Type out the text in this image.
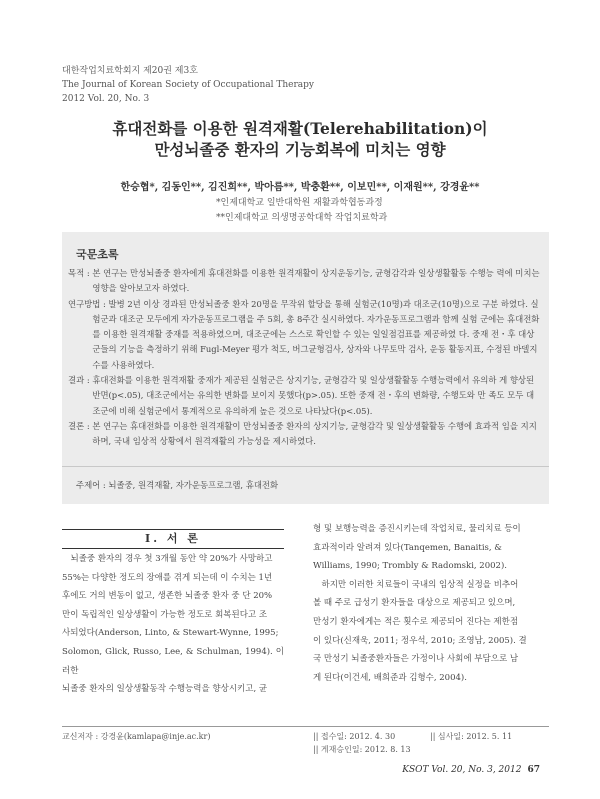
대한작업치료학회지 제20권 제3호
The Journal of Korean Society of Occupational Therapy
2012 Vol. 20, No. 3
휴대전화를 이용한 원격재활(Telerehabilitation)이
만성뇌졸중 환자의 기능회복에 미치는 영향
한승협*, 김동인**, 김진희**, 박아름**, 박충환**, 이보민**, 이재원**, 강경윤**
*인제대학교 일반대학원 재활과학협동과정
**인제대학교 의생명공학대학 작업치료학과
국문초록

목적 : 본 연구는 만성뇌졸중 환자에게 휴대전화를 이용한 원격재활이 상지운동기능, 균형감각과 일상생활활동 수행능 력에 미치는 영향을 알아보고자 하였다.

연구방법 : 발병 2년 이상 경과된 만성뇌졸중 환자 20명을 무작위 할당을 통해 실험군(10명)과 대조군(10명)으로 구분 하였다. 실험군과 대조군 모두에게 자가운동프로그램을 주 5회, 총 8주간 실시하였다. 자가운동프로그램과 함께 실험 군에는 휴대전화를 이용한 원격재활 중재를 적용하였으며, 대조군에는 스스로 확인할 수 있는 일일점검표를 제공하였 다. 중재 전・후 대상군들의 기능을 측정하기 위해 Fugl-Meyer 평가 척도, 버그균형검사, 상자와 나무토막 검사, 운동 활동지표, 수정된 바델지수를 사용하였다.

결과 : 휴대전화를 이용한 원격재활 중재가 제공된 실험군은 상지기능, 균형감각 및 일상생활활동 수행능력에서 유의하 게 향상된 반면(p<.05), 대조군에서는 유의한 변화를 보이지 못했다(p>.05). 또한 중재 전・후의 변화량, 수행도와 만 족도 모두 대조군에 비해 실험군에서 통계적으로 유의하게 높은 것으로 나타났다(p<.05).

결론 : 본 연구는 휴대전화를 이용한 원격재활이 만성뇌졸중 환자의 상지기능, 균형감각 및 일상생활활동 수행에 효과적 임을 지지하며, 국내 임상적 상황에서 원격재활의 가능성을 제시하였다.

주제어 : 뇌졸중, 원격재활, 자가운동프로그램, 휴대전화
Ⅰ. 서 론
뇌졸중 환자의 경우 첫 3개월 동안 약 20%가 사망하고
55%는 다양한 정도의 장애를 겪게 되는데 이 수치는 1년
후에도 거의 변동이 없고, 생존한 뇌졸중 환자 중 단 20%
만이 독립적인 일상생활이 가능한 정도로 회복된다고 조
사되었다(Anderson, Linto, & Stewart-Wynne, 1995;
Solomon, Glick, Russo, Lee, & Schulman, 1994). 이러한
뇌졸중 환자의 일상생활동작 수행능력을 향상시키고, 균
형 및 보행능력을 증진시키는데 작업치료, 물리치료 등이
효과적이라 알려져 있다(Tanqemen, Banaitis, &
Williams, 1990; Trombly & Radomski, 2002).
하지만 이러한 치료들이 국내의 임상적 실정을 비추어
볼 때 주로 급성기 환자들을 대상으로 제공되고 있으며,
만성기 환자에게는 적은 횟수로 제공되어 진다는 제한점
이 있다(신재욱, 2011; 정우석, 2010; 조영남, 2005). 결
국 만성기 뇌졸중환자들은 가정이나 사회에 부담으로 남
게 된다(이건세, 배희준과 김형수, 2004).
교신저자 : 강경윤(kamlapa@inje.ac.kr)	|| 접수일: 2012. 4. 30	|| 심사일: 2012. 5. 11
|| 게재승인일: 2012. 8. 13
KSOT Vol. 20, No. 3, 2012 67
